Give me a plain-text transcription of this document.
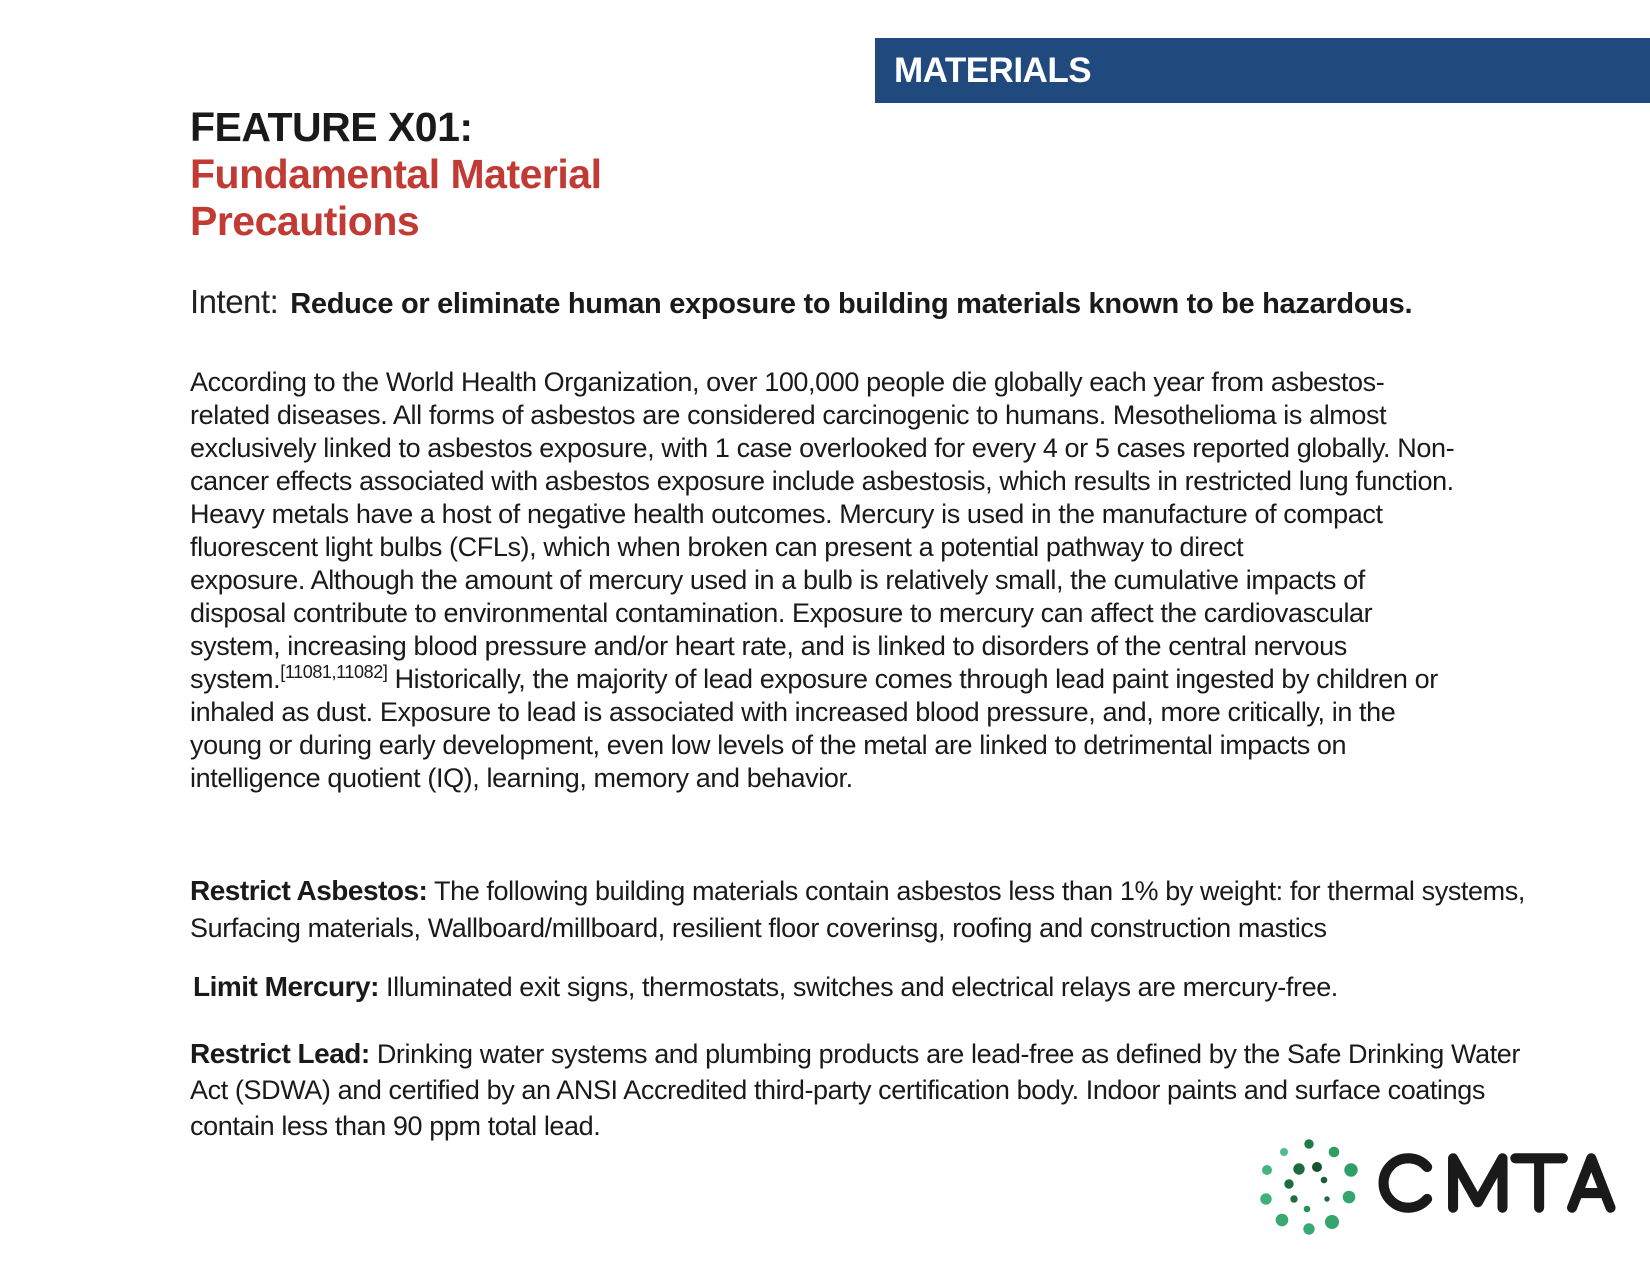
MATERIALS
FEATURE X01:
Fundamental Material
Precautions
Intent: Reduce or eliminate human exposure to building materials known to be hazardous.
According to the World Health Organization, over 100,000 people die globally each year from asbestos-
related diseases. All forms of asbestos are considered carcinogenic to humans. Mesothelioma is almost
exclusively linked to asbestos exposure, with 1 case overlooked for every 4 or 5 cases reported globally. Non-
cancer effects associated with asbestos exposure include asbestosis, which results in restricted lung function.
Heavy metals have a host of negative health outcomes. Mercury is used in the manufacture of compact
fluorescent light bulbs (CFLs), which when broken can present a potential pathway to direct
exposure. Although the amount of mercury used in a bulb is relatively small, the cumulative impacts of
disposal contribute to environmental contamination. Exposure to mercury can affect the cardiovascular
system, increasing blood pressure and/or heart rate, and is linked to disorders of the central nervous
system.[11081,11082] Historically, the majority of lead exposure comes through lead paint ingested by children or
inhaled as dust. Exposure to lead is associated with increased blood pressure, and, more critically, in the
young or during early development, even low levels of the metal are linked to detrimental impacts on
intelligence quotient (IQ), learning, memory and behavior.
Restrict Asbestos: The following building materials contain asbestos less than 1% by weight: for thermal systems,
Surfacing materials, Wallboard/millboard, resilient floor coverinsg, roofing and construction mastics
Limit Mercury: Illuminated exit signs, thermostats, switches and electrical relays are mercury-free.
Restrict Lead: Drinking water systems and plumbing products are lead-free as defined by the Safe Drinking Water
Act (SDWA) and certified by an ANSI Accredited third-party certification body. Indoor paints and surface coatings
contain less than 90 ppm total lead.
